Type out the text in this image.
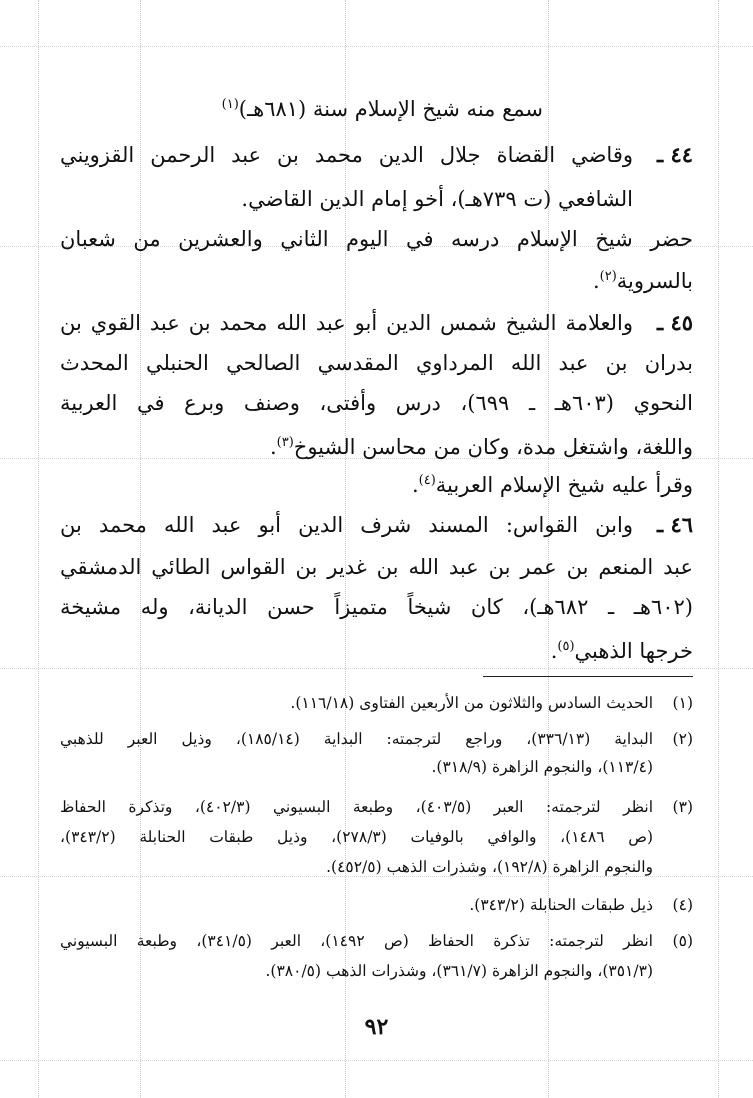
سمع منه شيخ الإسلام سنة (٦٨١هـ)$^{(١)}$
٤٤ ـ
وقاضي القضاة جلال الدين محمد بن عبد الرحمن القزويني
الشافعي (ت ٧٣٩هـ)، أخو إمام الدين القاضي.
حضر شيخ الإسلام درسه في اليوم الثاني والعشرين من شعبان
بالسروية$^{(٢)}$.
٤٥ ـ
والعلامة الشيخ شمس الدين أبو عبد الله محمد بن عبد القوي بن
بدران بن عبد الله المرداوي المقدسي الصالحي الحنبلي المحدث
النحوي (٦٠٣هـ ـ ٦٩٩)، درس وأفتى، وصنف وبرع في العربية
واللغة، واشتغل مدة، وكان من محاسن الشيوخ$^{(٣)}$.
وقرأ عليه شيخ الإسلام العربية$^{(٤)}$.
٤٦ ـ
وابن القواس: المسند شرف الدين أبو عبد الله محمد بن
عبد المنعم بن عمر بن عبد الله بن غدير بن القواس الطائي الدمشقي
(٦٠٢هـ ـ ٦٨٢هـ)، كان شيخاً متميزاً حسن الديانة، وله مشيخة
خرجها الذهبي$^{(٥)}$.
(١)
الحديث السادس والثلاثون من الأربعين الفتاوى (١١٦/١٨).
(٢)
البداية (٣٣٦/١٣)، وراجع لترجمته: البداية (١٨٥/١٤)، وذيل العبر للذهبي
(١١٣/٤)، والنجوم الزاهرة (٣١٨/٩).
(٣)
انظر لترجمته: العبر (٤٠٣/٥)، وطبعة البسيوني (٤٠٢/٣)، وتذكرة الحفاظ
(ص ١٤٨٦)، والوافي بالوفيات (٢٧٨/٣)، وذيل طبقات الحنابلة (٣٤٣/٢)،
والنجوم الزاهرة (١٩٢/٨)، وشذرات الذهب (٤٥٢/٥).
(٤)
ذيل طبقات الحنابلة (٣٤٣/٢).
(٥)
انظر لترجمته: تذكرة الحفاظ (ص ١٤٩٢)، العبر (٣٤١/٥)، وطبعة البسيوني
(٣٥١/٣)، والنجوم الزاهرة (٣٦١/٧)، وشذرات الذهب (٣٨٠/٥).
٩٢
